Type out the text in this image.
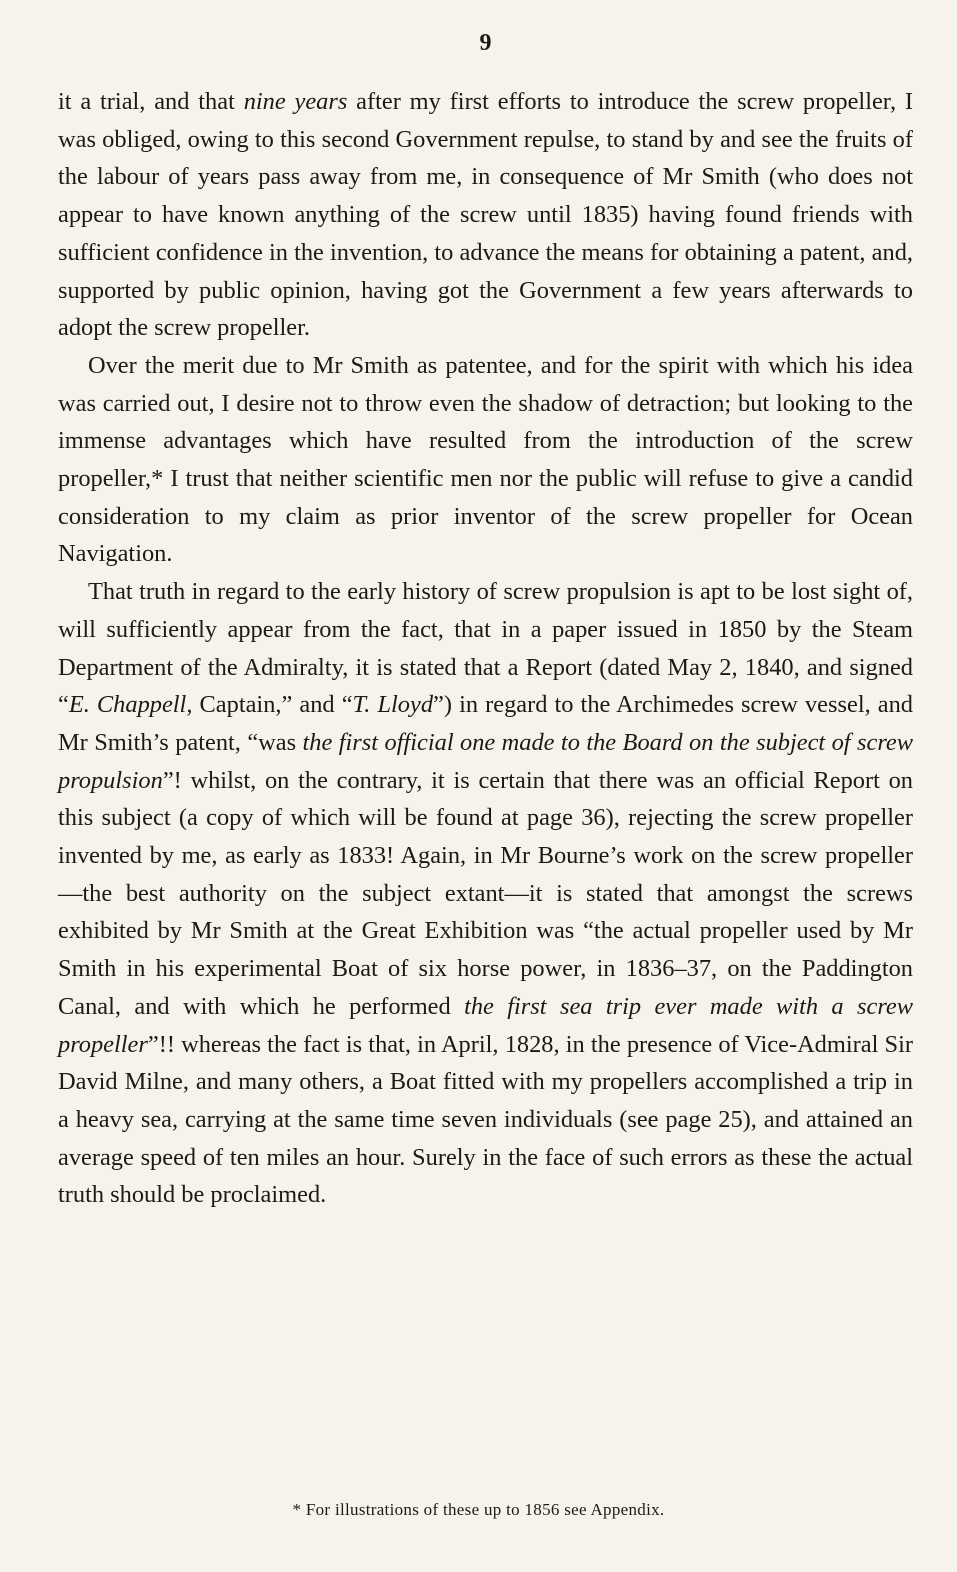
9

it a trial, and that nine years after my first efforts to introduce the screw propeller, I was obliged, owing to this second Government repulse, to stand by and see the fruits of the labour of years pass away from me, in consequence of Mr Smith (who does not appear to have known anything of the screw until 1835) having found friends with sufficient confidence in the invention, to advance the means for obtaining a patent, and, supported by public opinion, having got the Government a few years afterwards to adopt the screw propeller.

Over the merit due to Mr Smith as patentee, and for the spirit with which his idea was carried out, I desire not to throw even the shadow of detraction; but looking to the immense advantages which have resulted from the introduction of the screw propeller,* I trust that neither scientific men nor the public will refuse to give a candid consideration to my claim as prior inventor of the screw propeller for Ocean Navigation.

That truth in regard to the early history of screw propulsion is apt to be lost sight of, will sufficiently appear from the fact, that in a paper issued in 1850 by the Steam Department of the Admiralty, it is stated that a Report (dated May 2, 1840, and signed “E. Chappell, Captain,” and “T. Lloyd”) in regard to the Archimedes screw vessel, and Mr Smith’s patent, “was the first official one made to the Board on the subject of screw propulsion”! whilst, on the contrary, it is certain that there was an official Report on this subject (a copy of which will be found at page 36), rejecting the screw propeller invented by me, as early as 1833! Again, in Mr Bourne’s work on the screw propeller—the best authority on the subject extant—it is stated that amongst the screws exhibited by Mr Smith at the Great Exhibition was “the actual propeller used by Mr Smith in his experimental Boat of six horse power, in 1836–37, on the Paddington Canal, and with which he performed the first sea trip ever made with a screw propeller”!! whereas the fact is that, in April, 1828, in the presence of Vice-Admiral Sir David Milne, and many others, a Boat fitted with my propellers accomplished a trip in a heavy sea, carrying at the same time seven individuals (see page 25), and attained an average speed of ten miles an hour. Surely in the face of such errors as these the actual truth should be proclaimed.

* For illustrations of these up to 1856 see Appendix.
